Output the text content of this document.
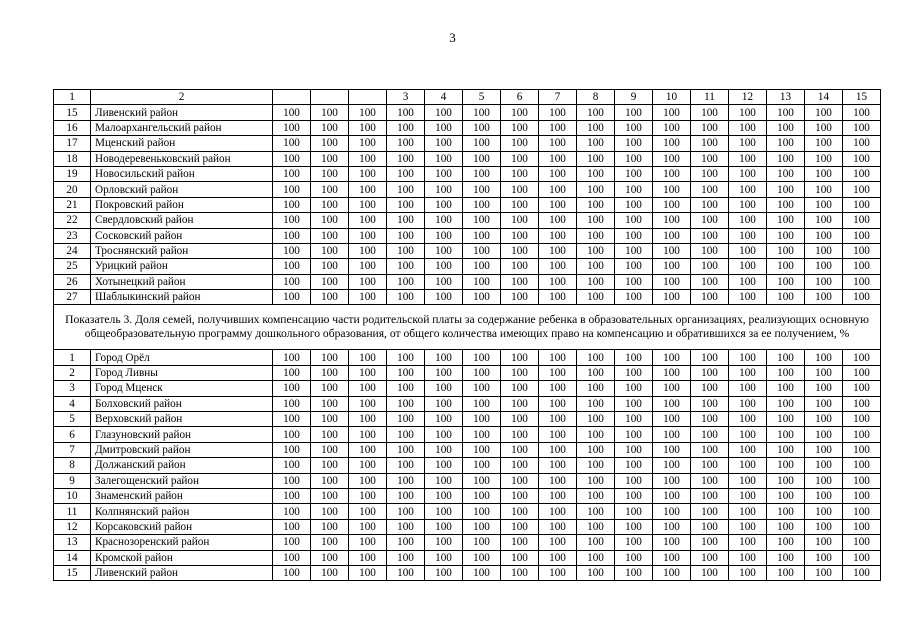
3
1	2				3	4	5	6	7	8	9	10	11	12	13	14	15
15	Ливенский район	100	100	100	100	100	100	100	100	100	100	100	100	100	100	100	100
16	Малоархангельский район	100	100	100	100	100	100	100	100	100	100	100	100	100	100	100	100
17	Мценский район	100	100	100	100	100	100	100	100	100	100	100	100	100	100	100	100
18	Новодеревеньковский район	100	100	100	100	100	100	100	100	100	100	100	100	100	100	100	100
19	Новосильский район	100	100	100	100	100	100	100	100	100	100	100	100	100	100	100	100
20	Орловский район	100	100	100	100	100	100	100	100	100	100	100	100	100	100	100	100
21	Покровский район	100	100	100	100	100	100	100	100	100	100	100	100	100	100	100	100
22	Свердловский район	100	100	100	100	100	100	100	100	100	100	100	100	100	100	100	100
23	Сосковский район	100	100	100	100	100	100	100	100	100	100	100	100	100	100	100	100
24	Троснянский район	100	100	100	100	100	100	100	100	100	100	100	100	100	100	100	100
25	Урицкий район	100	100	100	100	100	100	100	100	100	100	100	100	100	100	100	100
26	Хотынецкий район	100	100	100	100	100	100	100	100	100	100	100	100	100	100	100	100
27	Шаблыкинский район	100	100	100	100	100	100	100	100	100	100	100	100	100	100	100	100
Показатель 3. Доля семей, получивших компенсацию части родительской платы за содержание ребенка в образовательных организациях, реализующих основную общеобразовательную программу дошкольного образования, от общего количества имеющих право на компенсацию и обратившихся за ее получением, %																	
1	Город Орёл	100	100	100	100	100	100	100	100	100	100	100	100	100	100	100	100
2	Город Ливны	100	100	100	100	100	100	100	100	100	100	100	100	100	100	100	100
3	Город Мценск	100	100	100	100	100	100	100	100	100	100	100	100	100	100	100	100
4	Болховский район	100	100	100	100	100	100	100	100	100	100	100	100	100	100	100	100
5	Верховский район	100	100	100	100	100	100	100	100	100	100	100	100	100	100	100	100
6	Глазуновский район	100	100	100	100	100	100	100	100	100	100	100	100	100	100	100	100
7	Дмитровский район	100	100	100	100	100	100	100	100	100	100	100	100	100	100	100	100
8	Должанский район	100	100	100	100	100	100	100	100	100	100	100	100	100	100	100	100
9	Залегощенский район	100	100	100	100	100	100	100	100	100	100	100	100	100	100	100	100
10	Знаменский район	100	100	100	100	100	100	100	100	100	100	100	100	100	100	100	100
11	Колпнянский район	100	100	100	100	100	100	100	100	100	100	100	100	100	100	100	100
12	Корсаковский район	100	100	100	100	100	100	100	100	100	100	100	100	100	100	100	100
13	Краснозоренский район	100	100	100	100	100	100	100	100	100	100	100	100	100	100	100	100
14	Кромской район	100	100	100	100	100	100	100	100	100	100	100	100	100	100	100	100
15	Ливенский район	100	100	100	100	100	100	100	100	100	100	100	100	100	100	100	100
